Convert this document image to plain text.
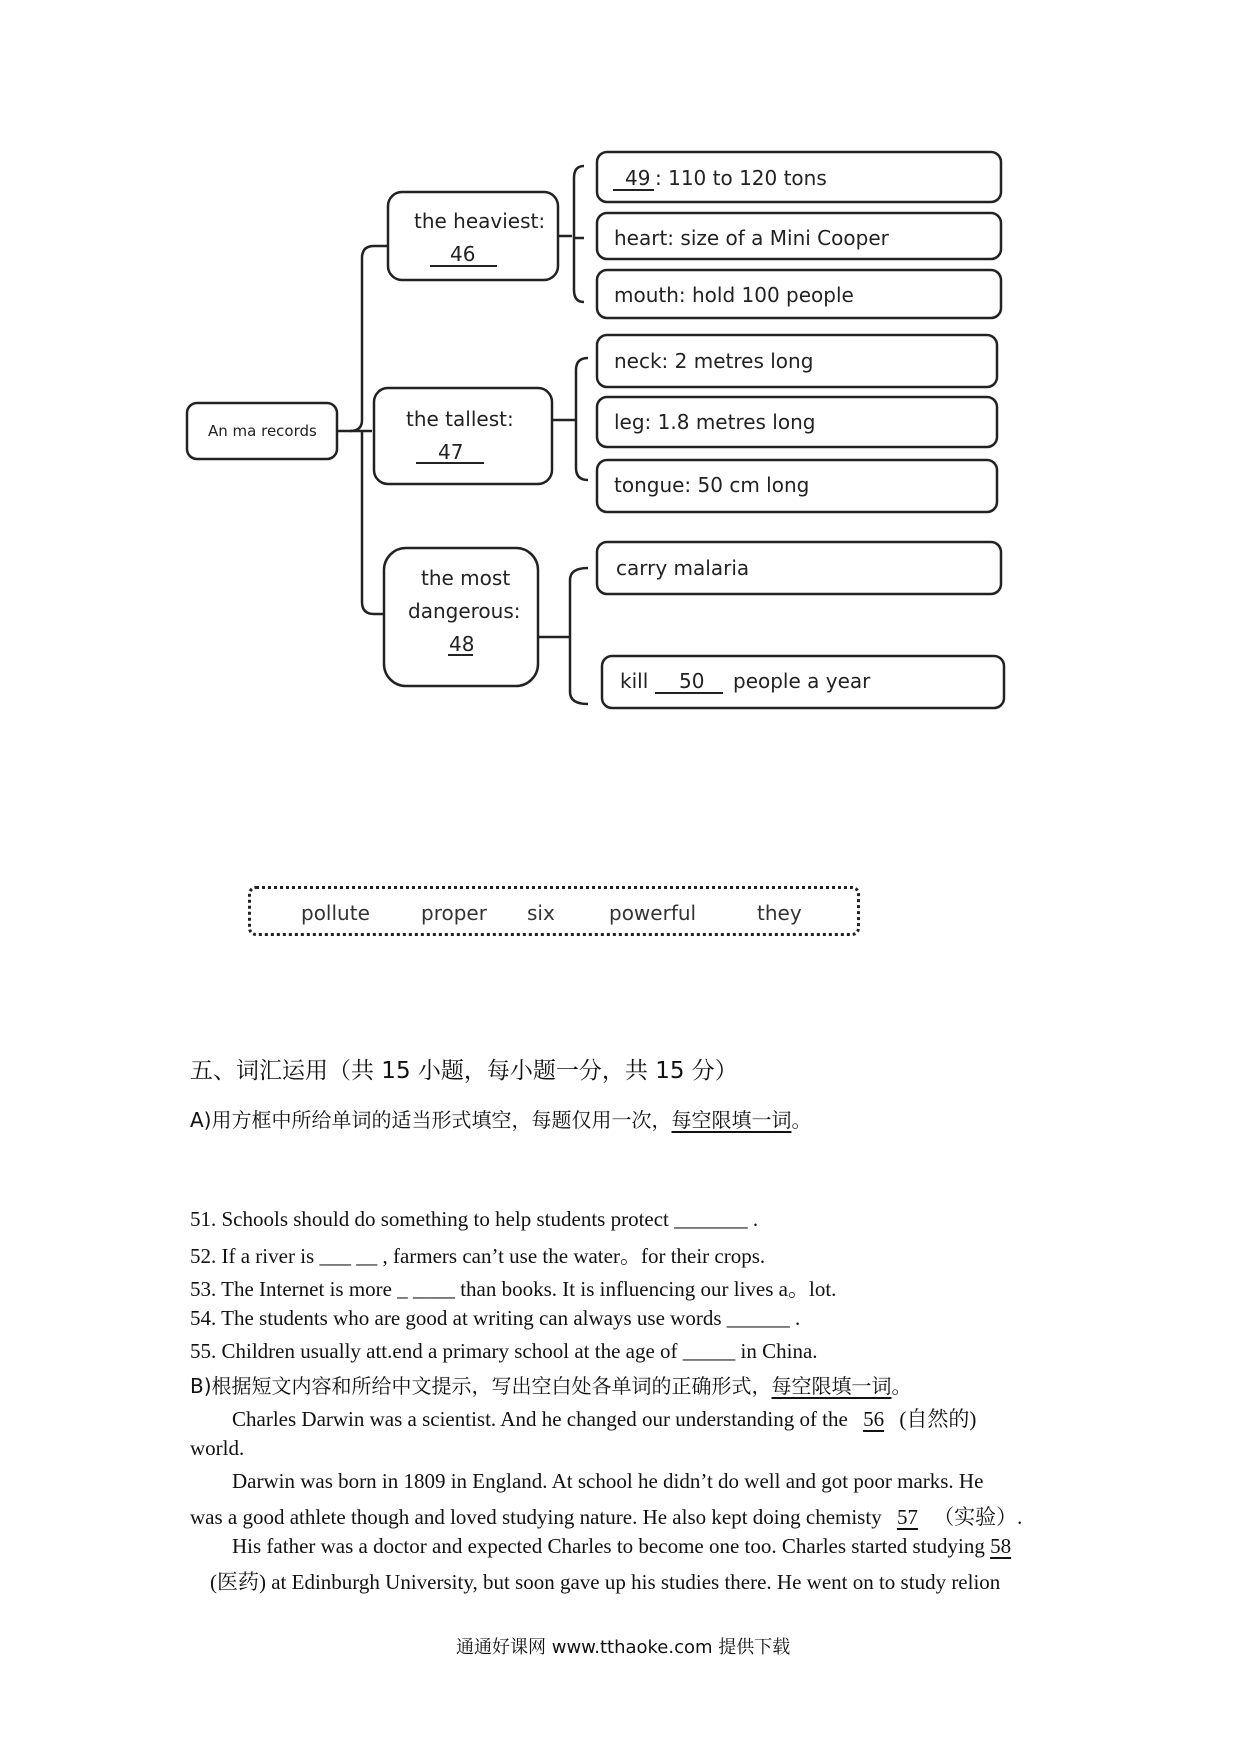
An ma records
the heaviest:
46
49 : 110 to 120 tons
heart: size of a Mini Cooper
mouth: hold 100 people
the tallest:
47
neck: 2 metres long
leg: 1.8 metres long
tongue: 50 cm long
the most
dangerous:
48
carry malaria
kill 50 people a year
pollute	proper six	powerful	they
五、词汇运用（共 15 小题，每小题一分，共 15 分）
A)用方框中所给单词的适当形式填空，每题仅用一次，每空限填一词。
51. Schools should do something to help students protect _______ .
52. If a river is ___ __ , farmers can’t use the water。for their crops.
53. The Internet is more _ ____ than books. It is influencing our lives a。lot.
54. The students who are good at writing can always use words ______ .
55. Children usually att.end a primary school at the age of _____ in China.
B)根据短文内容和所给中文提示，写出空白处各单词的正确形式，每空限填一词。
Charles Darwin was a scientist. And he changed our understanding of the 56 (自然的)
world.
Darwin was born in 1809 in England. At school he didn’t do well and got poor marks. He
was a good athlete though and loved studying nature. He also kept doing chemisty 57 （实验）.
His father was a doctor and expected Charles to become one too. Charles started studying 58
(医药) at Edinburgh University, but soon gave up his studies there. He went on to study relion
通通好课网 www.tthaoke.com 提供下载
